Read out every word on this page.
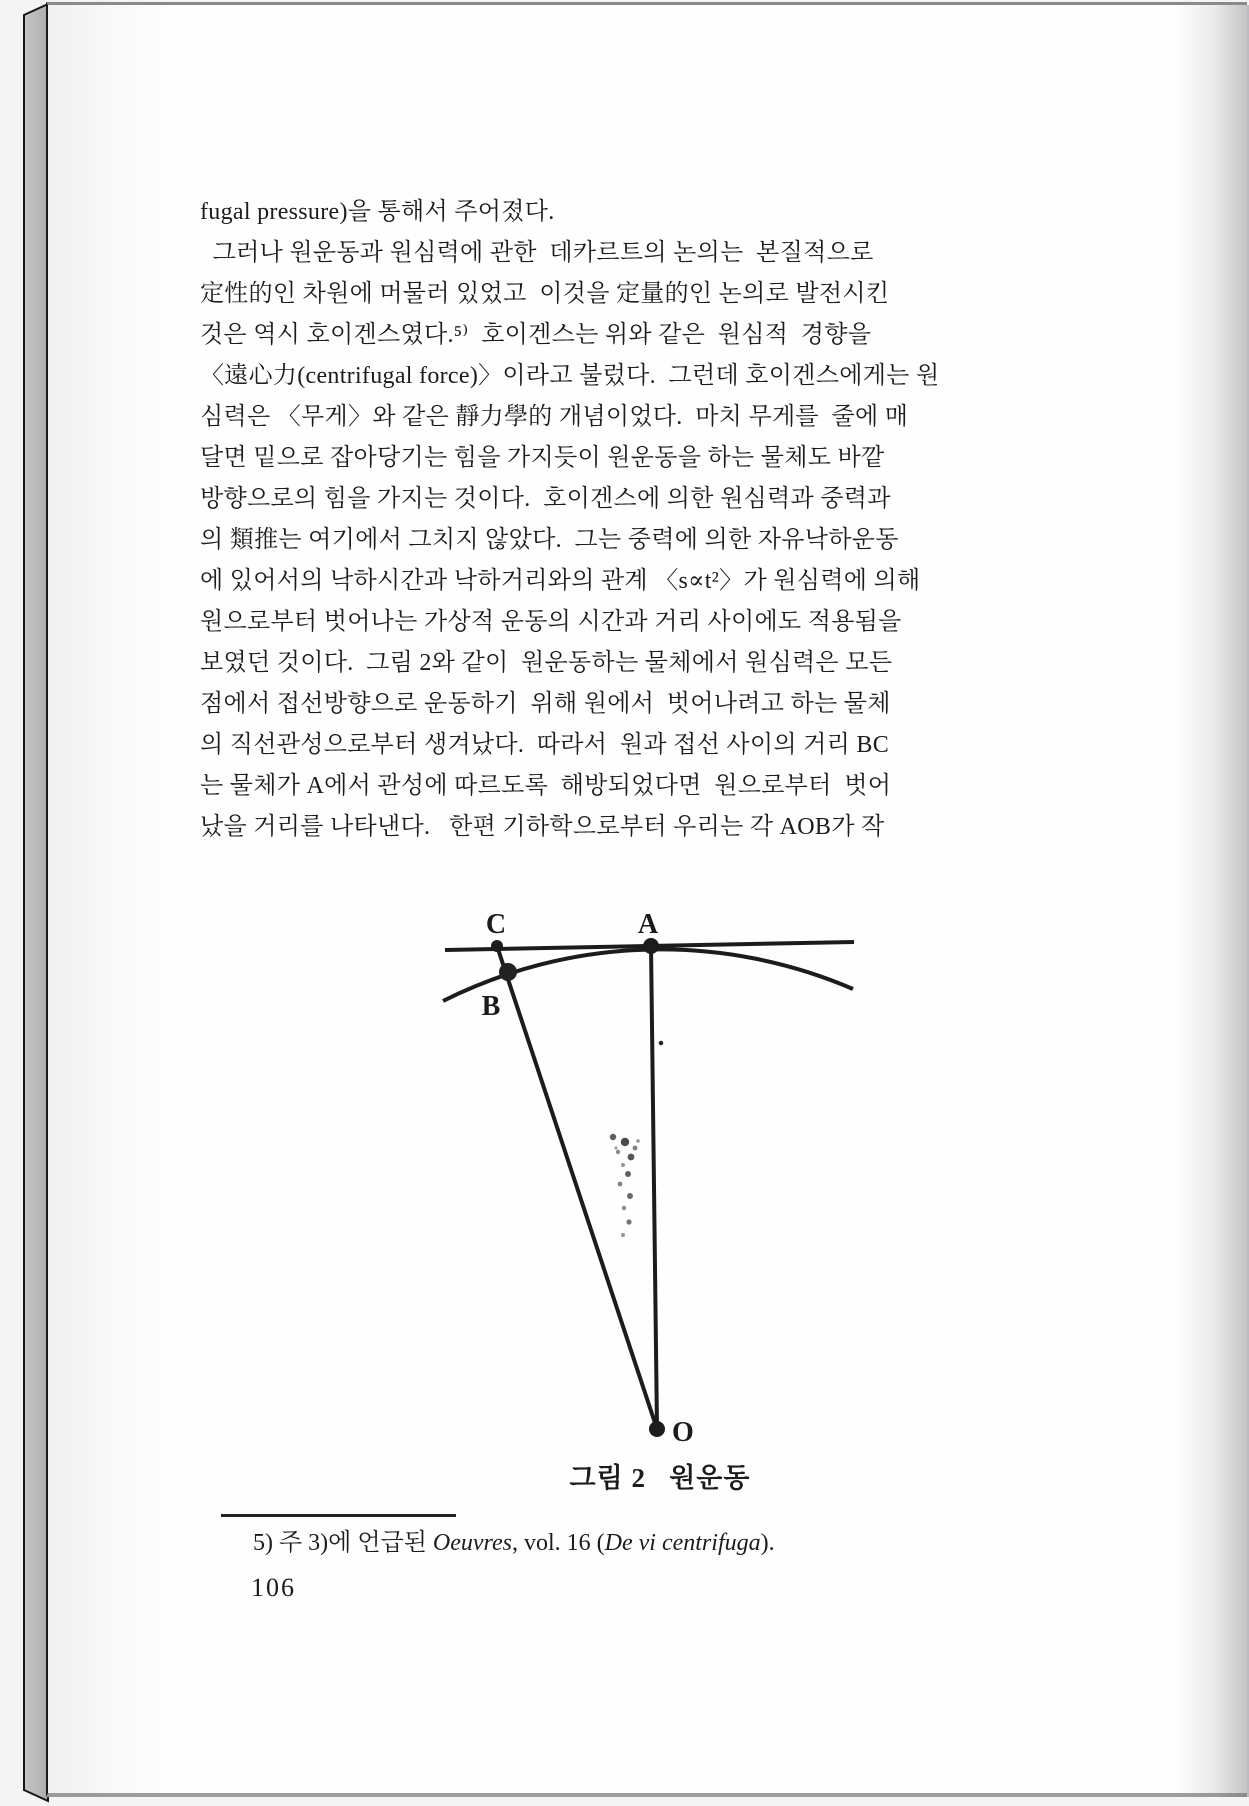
fugal pressure)을 통해서 주어졌다.
그러나 원운동과 원심력에 관한  데카르트의 논의는  본질적으로
定性的인 차원에 머물러 있었고  이것을 定量的인 논의로 발전시킨
것은 역시 호이겐스였다.⁵⁾  호이겐스는 위와 같은  원심적  경향을
〈遠心力(centrifugal force)〉이라고 불렀다.  그런데 호이겐스에게는 원
심력은 〈무게〉와 같은 靜力學的 개념이었다.  마치 무게를  줄에 매
달면 밑으로 잡아당기는 힘을 가지듯이 원운동을 하는 물체도 바깥
방향으로의 힘을 가지는 것이다.  호이겐스에 의한 원심력과 중력과
의 類推는 여기에서 그치지 않았다.  그는 중력에 의한 자유낙하운동
에 있어서의 낙하시간과 낙하거리와의 관계 〈s∝t²〉가 원심력에 의해
원으로부터 벗어나는 가상적 운동의 시간과 거리 사이에도 적용됨을
보였던 것이다.  그림 2와 같이  원운동하는 물체에서 원심력은 모든
점에서 접선방향으로 운동하기  위해 원에서  벗어나려고 하는 물체
의 직선관성으로부터 생겨났다.  따라서  원과 접선 사이의 거리 BC
는 물체가 A에서 관성에 따르도록  해방되었다면  원으로부터  벗어
났을 거리를 나타낸다.   한편 기하학으로부터 우리는 각 AOB가 작
C	A
B
O
그림 2   원운동
5) 주 3)에 언급된 Oeuvres, vol. 16 (De vi centrifuga).
106
